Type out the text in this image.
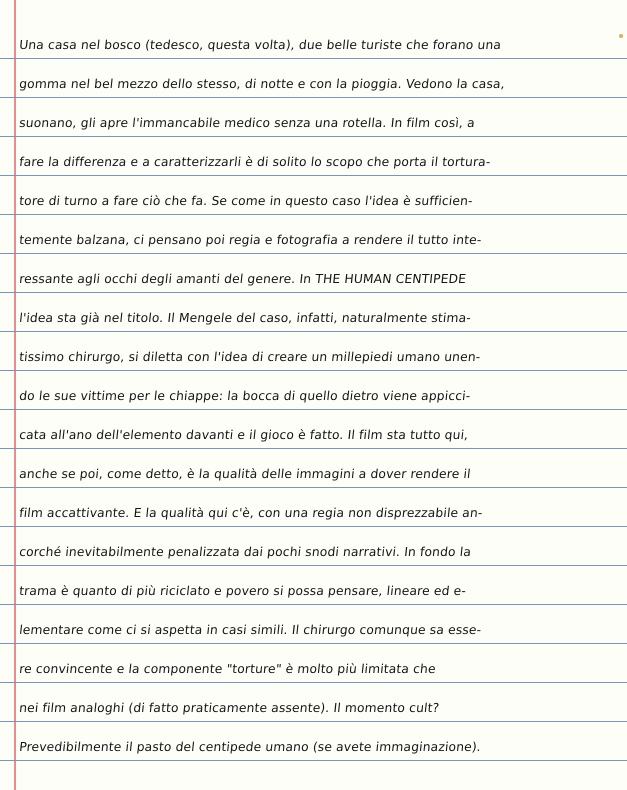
Una casa nel bosco (tedesco, questa volta), due belle turiste che forano una
gomma nel bel mezzo dello stesso, di notte e con la pioggia. Vedono la casa,
suonano, gli apre l'immancabile medico senza una rotella. In film così, a
fare la differenza e a caratterizzarli è di solito lo scopo che porta il tortura-
tore di turno a fare ciò che fa. Se come in questo caso l'idea è sufficien-
temente balzana, ci pensano poi regia e fotografia a rendere il tutto inte-
ressante agli occhi degli amanti del genere. In THE HUMAN CENTIPEDE
l'idea sta già nel titolo. Il Mengele del caso, infatti, naturalmente stima-
tissimo chirurgo, si diletta con l'idea di creare un millepiedi umano unen-
do le sue vittime per le chiappe: la bocca di quello dietro viene appicci-
cata all'ano dell'elemento davanti e il gioco è fatto. Il film sta tutto qui,
anche se poi, come detto, è la qualità delle immagini a dover rendere il
film accattivante. E la qualità qui c'è, con una regia non disprezzabile an-
corché inevitabilmente penalizzata dai pochi snodi narrativi. In fondo la
trama è quanto di più riciclato e povero si possa pensare, lineare ed e-
lementare come ci si aspetta in casi simili. Il chirurgo comunque sa esse-
re convincente e la componente "torture" è molto più limitata che
nei film analoghi (di fatto praticamente assente). Il momento cult?
Prevedibilmente il pasto del centipede umano (se avete immaginazione).
